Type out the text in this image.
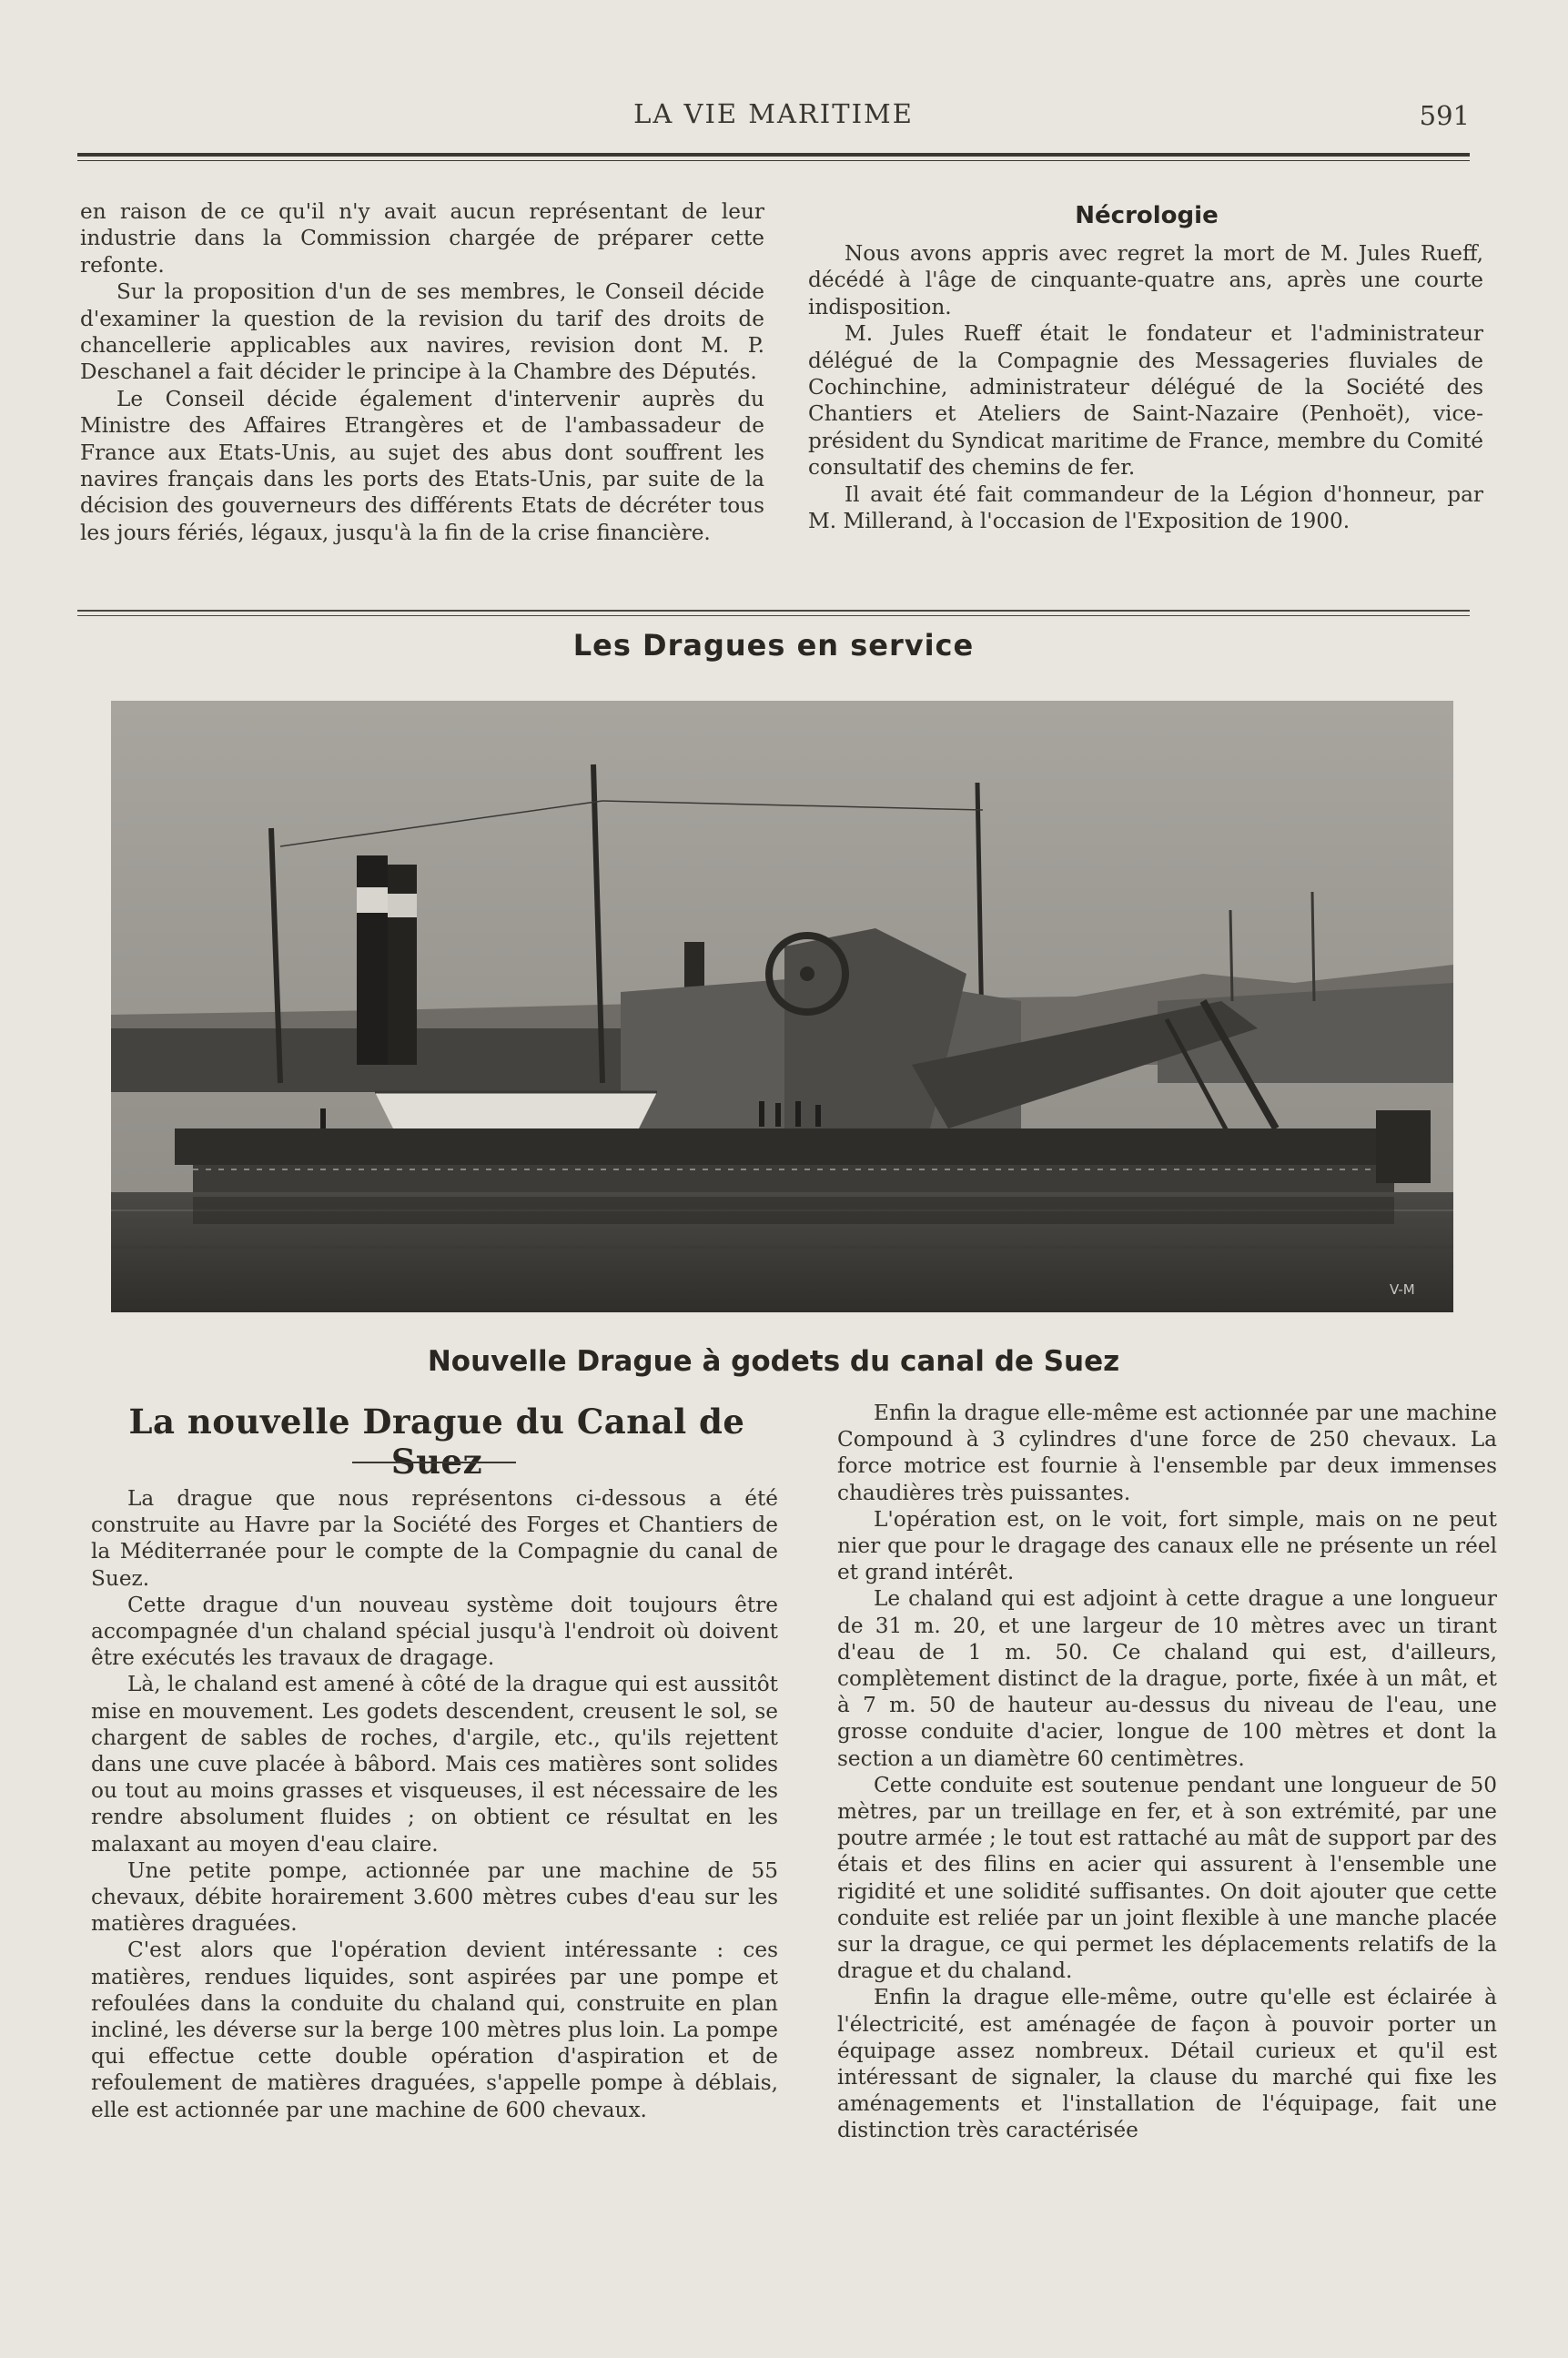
LA VIE MARITIME	591

en raison de ce qu'il n'y avait aucun représentant de leur industrie dans la Commission chargée de préparer cette refonte.

Sur la proposition d'un de ses membres, le Conseil décide d'examiner la question de la revision du tarif des droits de chancellerie applicables aux navires, revision dont M. P. Deschanel a fait décider le principe à la Chambre des Députés.

Le Conseil décide également d'intervenir auprès du Ministre des Affaires Etrangères et de l'ambassadeur de France aux Etats-Unis, au sujet des abus dont souffrent les navires français dans les ports des Etats-Unis, par suite de la décision des gouverneurs des différents Etats de décréter tous les jours fériés, légaux, jusqu'à la fin de la crise financière.

Nécrologie

Nous avons appris avec regret la mort de M. Jules Rueff, décédé à l'âge de cinquante-quatre ans, après une courte indisposition.

M. Jules Rueff était le fondateur et l'administrateur délégué de la Compagnie des Messageries fluviales de Cochinchine, administrateur délégué de la Société des Chantiers et Ateliers de Saint-Nazaire (Penhoët), vice-président du Syndicat maritime de France, membre du Comité consultatif des chemins de fer.

Il avait été fait commandeur de la Légion d'honneur, par M. Millerand, à l'occasion de l'Exposition de 1900.

Les Dragues en service
V-M
Nouvelle Drague à godets du canal de Suez
La nouvelle Drague du Canal de Suez

La drague que nous représentons ci-dessous a été construite au Havre par la Société des Forges et Chantiers de la Méditerranée pour le compte de la Compagnie du canal de Suez.

Cette drague d'un nouveau système doit toujours être accompagnée d'un chaland spécial jusqu'à l'endroit où doivent être exécutés les travaux de dragage.

Là, le chaland est amené à côté de la drague qui est aussitôt mise en mouvement. Les godets descendent, creusent le sol, se chargent de sables de roches, d'argile, etc., qu'ils rejettent dans une cuve placée à bâbord. Mais ces matières sont solides ou tout au moins grasses et visqueuses, il est nécessaire de les rendre absolument fluides ; on obtient ce résultat en les malaxant au moyen d'eau claire.

Une petite pompe, actionnée par une machine de 55 chevaux, débite horairement 3.600 mètres cubes d'eau sur les matières draguées.

C'est alors que l'opération devient intéressante : ces matières, rendues liquides, sont aspirées par une pompe et refoulées dans la conduite du chaland qui, construite en plan incliné, les déverse sur la berge 100 mètres plus loin. La pompe qui effectue cette double opération d'aspiration et de refoulement de matières draguées, s'appelle pompe à déblais, elle est actionnée par une machine de 600 chevaux.

Enfin la drague elle-même est actionnée par une machine Compound à 3 cylindres d'une force de 250 chevaux. La force motrice est fournie à l'ensemble par deux immenses chaudières très puissantes.

L'opération est, on le voit, fort simple, mais on ne peut nier que pour le dragage des canaux elle ne présente un réel et grand intérêt.

Le chaland qui est adjoint à cette drague a une longueur de 31 m. 20, et une largeur de 10 mètres avec un tirant d'eau de 1 m. 50. Ce chaland qui est, d'ailleurs, complètement distinct de la drague, porte, fixée à un mât, et à 7 m. 50 de hauteur au-dessus du niveau de l'eau, une grosse conduite d'acier, longue de 100 mètres et dont la section a un diamètre 60 centimètres.

Cette conduite est soutenue pendant une longueur de 50 mètres, par un treillage en fer, et à son extrémité, par une poutre armée ; le tout est rattaché au mât de support par des étais et des filins en acier qui assurent à l'ensemble une rigidité et une solidité suffisantes. On doit ajouter que cette conduite est reliée par un joint flexible à une manche placée sur la drague, ce qui permet les déplacements relatifs de la drague et du chaland.

Enfin la drague elle-même, outre qu'elle est éclairée à l'électricité, est aménagée de façon à pouvoir porter un équipage assez nombreux. Détail curieux et qu'il est intéressant de signaler, la clause du marché qui fixe les aménagements et l'installation de l'équipage, fait une distinction très caractérisée
